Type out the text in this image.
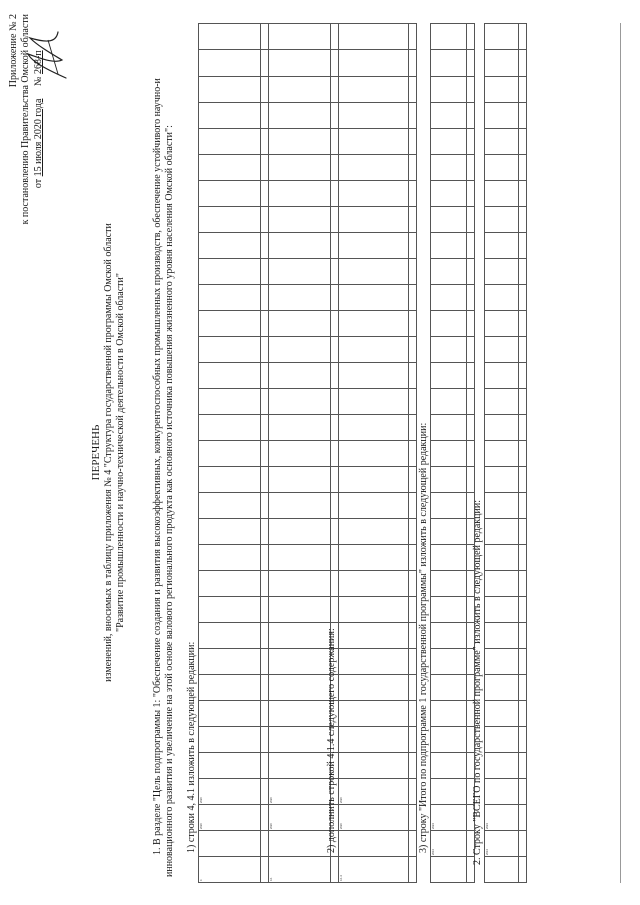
Приложение № 2 к постановлению Правительства Омской области от 15 июля 2020 года     № 268-п
ПЕРЕЧЕНЬ изменений, вносимых в таблицу приложения № 4 "Структура государственной программы Омской области "Развитие промышленности и научно-технической деятельности в Омской области"	1. В разделе "Цель подпрограммы 1: "Обеспечение создания и развития высокоэффективных, конкурентоспособных промышленных производств, обеспечение устойчивого научно-и инновационного развития и увеличение на этой основе валового регионального продукта как основного источника повышения жизненного уровня населения Омской области": 1) строки 4, 4.1 изложить в следующей редакции:
4		2020	2020																													

4.1		2020	2020																													
																																	2) дополнить строкой 4.1.4 следующего содержания:
4.1.4		2020	2020																													
																																	3) строку "Итого по подпрограмме 1 государственной программы" изложить в следующей редакции:
	2014	2024																														
																																	2. Строку "ВСЕГО по государственной программе" изложить в следующей редакции:
	2014	2024																														
